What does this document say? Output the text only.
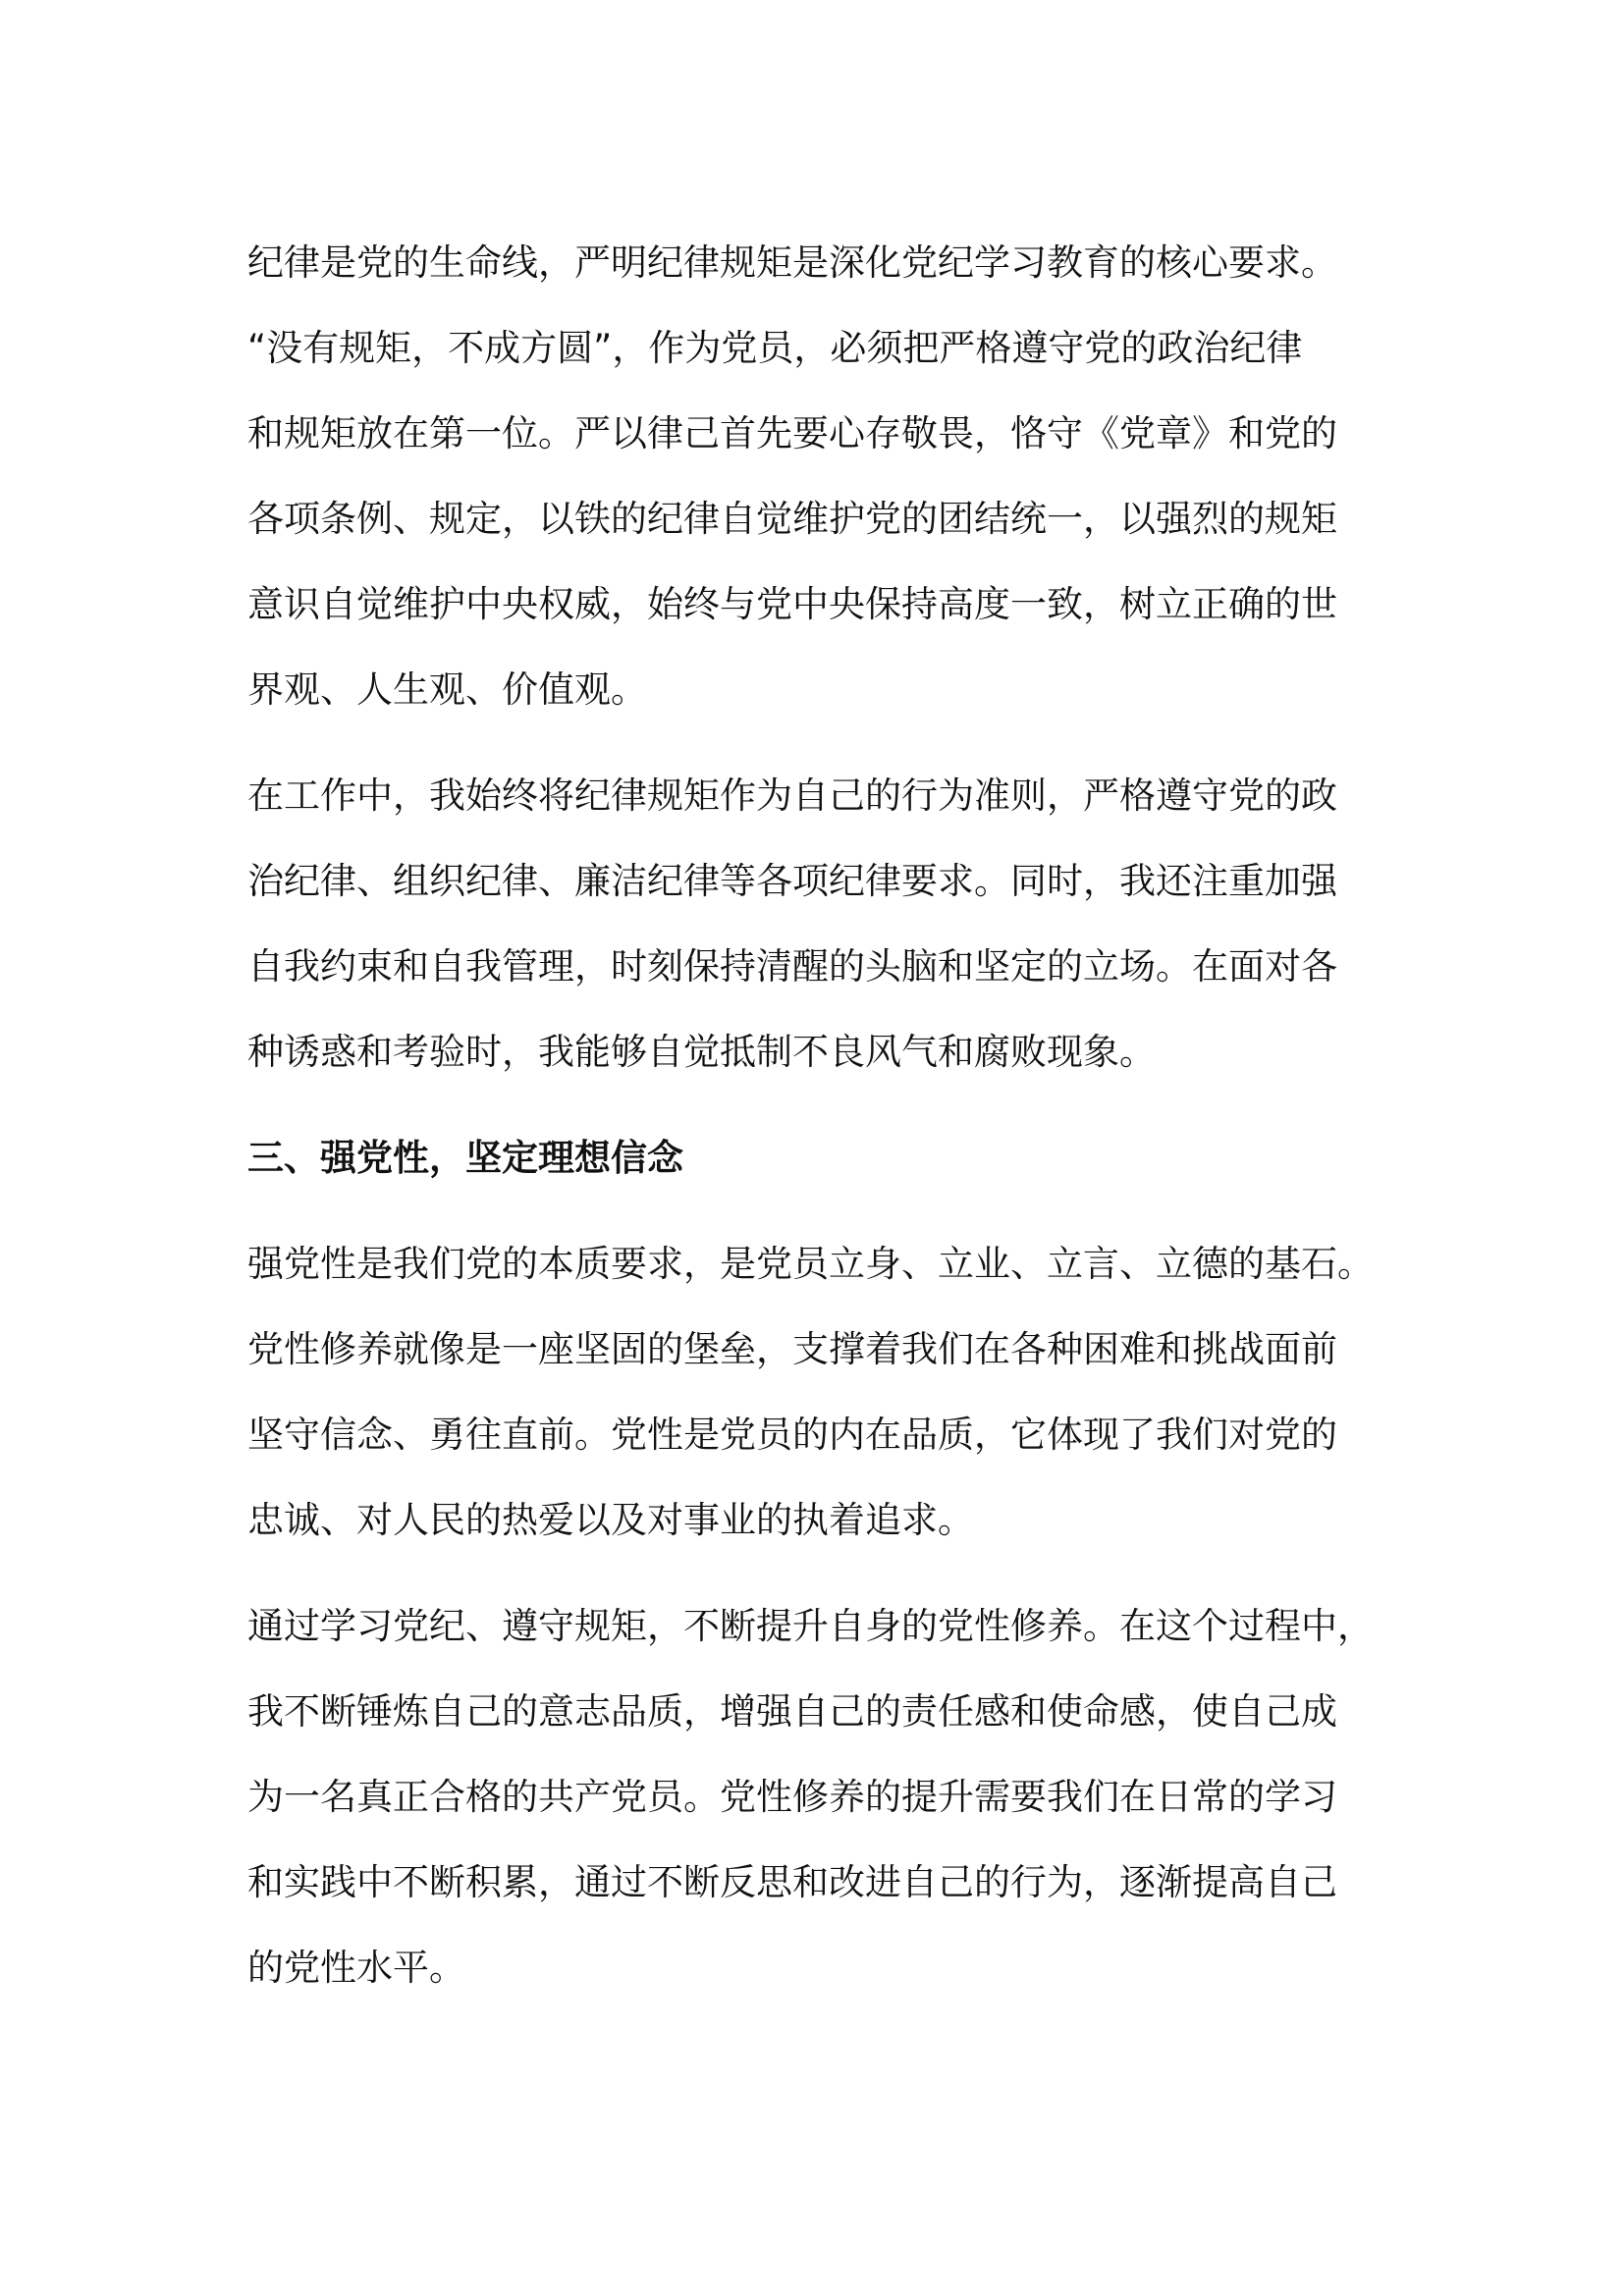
纪律是党的生命线，严明纪律规矩是深化党纪学习教育的核心要求。
“没有规矩，不成方圆”，作为党员，必须把严格遵守党的政治纪律
和规矩放在第一位。严以律己首先要心存敬畏，恪守《党章》和党的
各项条例、规定，以铁的纪律自觉维护党的团结统一，以强烈的规矩
意识自觉维护中央权威，始终与党中央保持高度一致，树立正确的世
界观、人生观、价值观。
在工作中，我始终将纪律规矩作为自己的行为准则，严格遵守党的政
治纪律、组织纪律、廉洁纪律等各项纪律要求。同时，我还注重加强
自我约束和自我管理，时刻保持清醒的头脑和坚定的立场。在面对各
种诱惑和考验时，我能够自觉抵制不良风气和腐败现象。
三、强党性，坚定理想信念
强党性是我们党的本质要求，是党员立身、立业、立言、立德的基石。
党性修养就像是一座坚固的堡垒，支撑着我们在各种困难和挑战面前
坚守信念、勇往直前。党性是党员的内在品质，它体现了我们对党的
忠诚、对人民的热爱以及对事业的执着追求。
通过学习党纪、遵守规矩，不断提升自身的党性修养。在这个过程中，
我不断锤炼自己的意志品质，增强自己的责任感和使命感，使自己成
为一名真正合格的共产党员。党性修养的提升需要我们在日常的学习
和实践中不断积累，通过不断反思和改进自己的行为，逐渐提高自己
的党性水平。
